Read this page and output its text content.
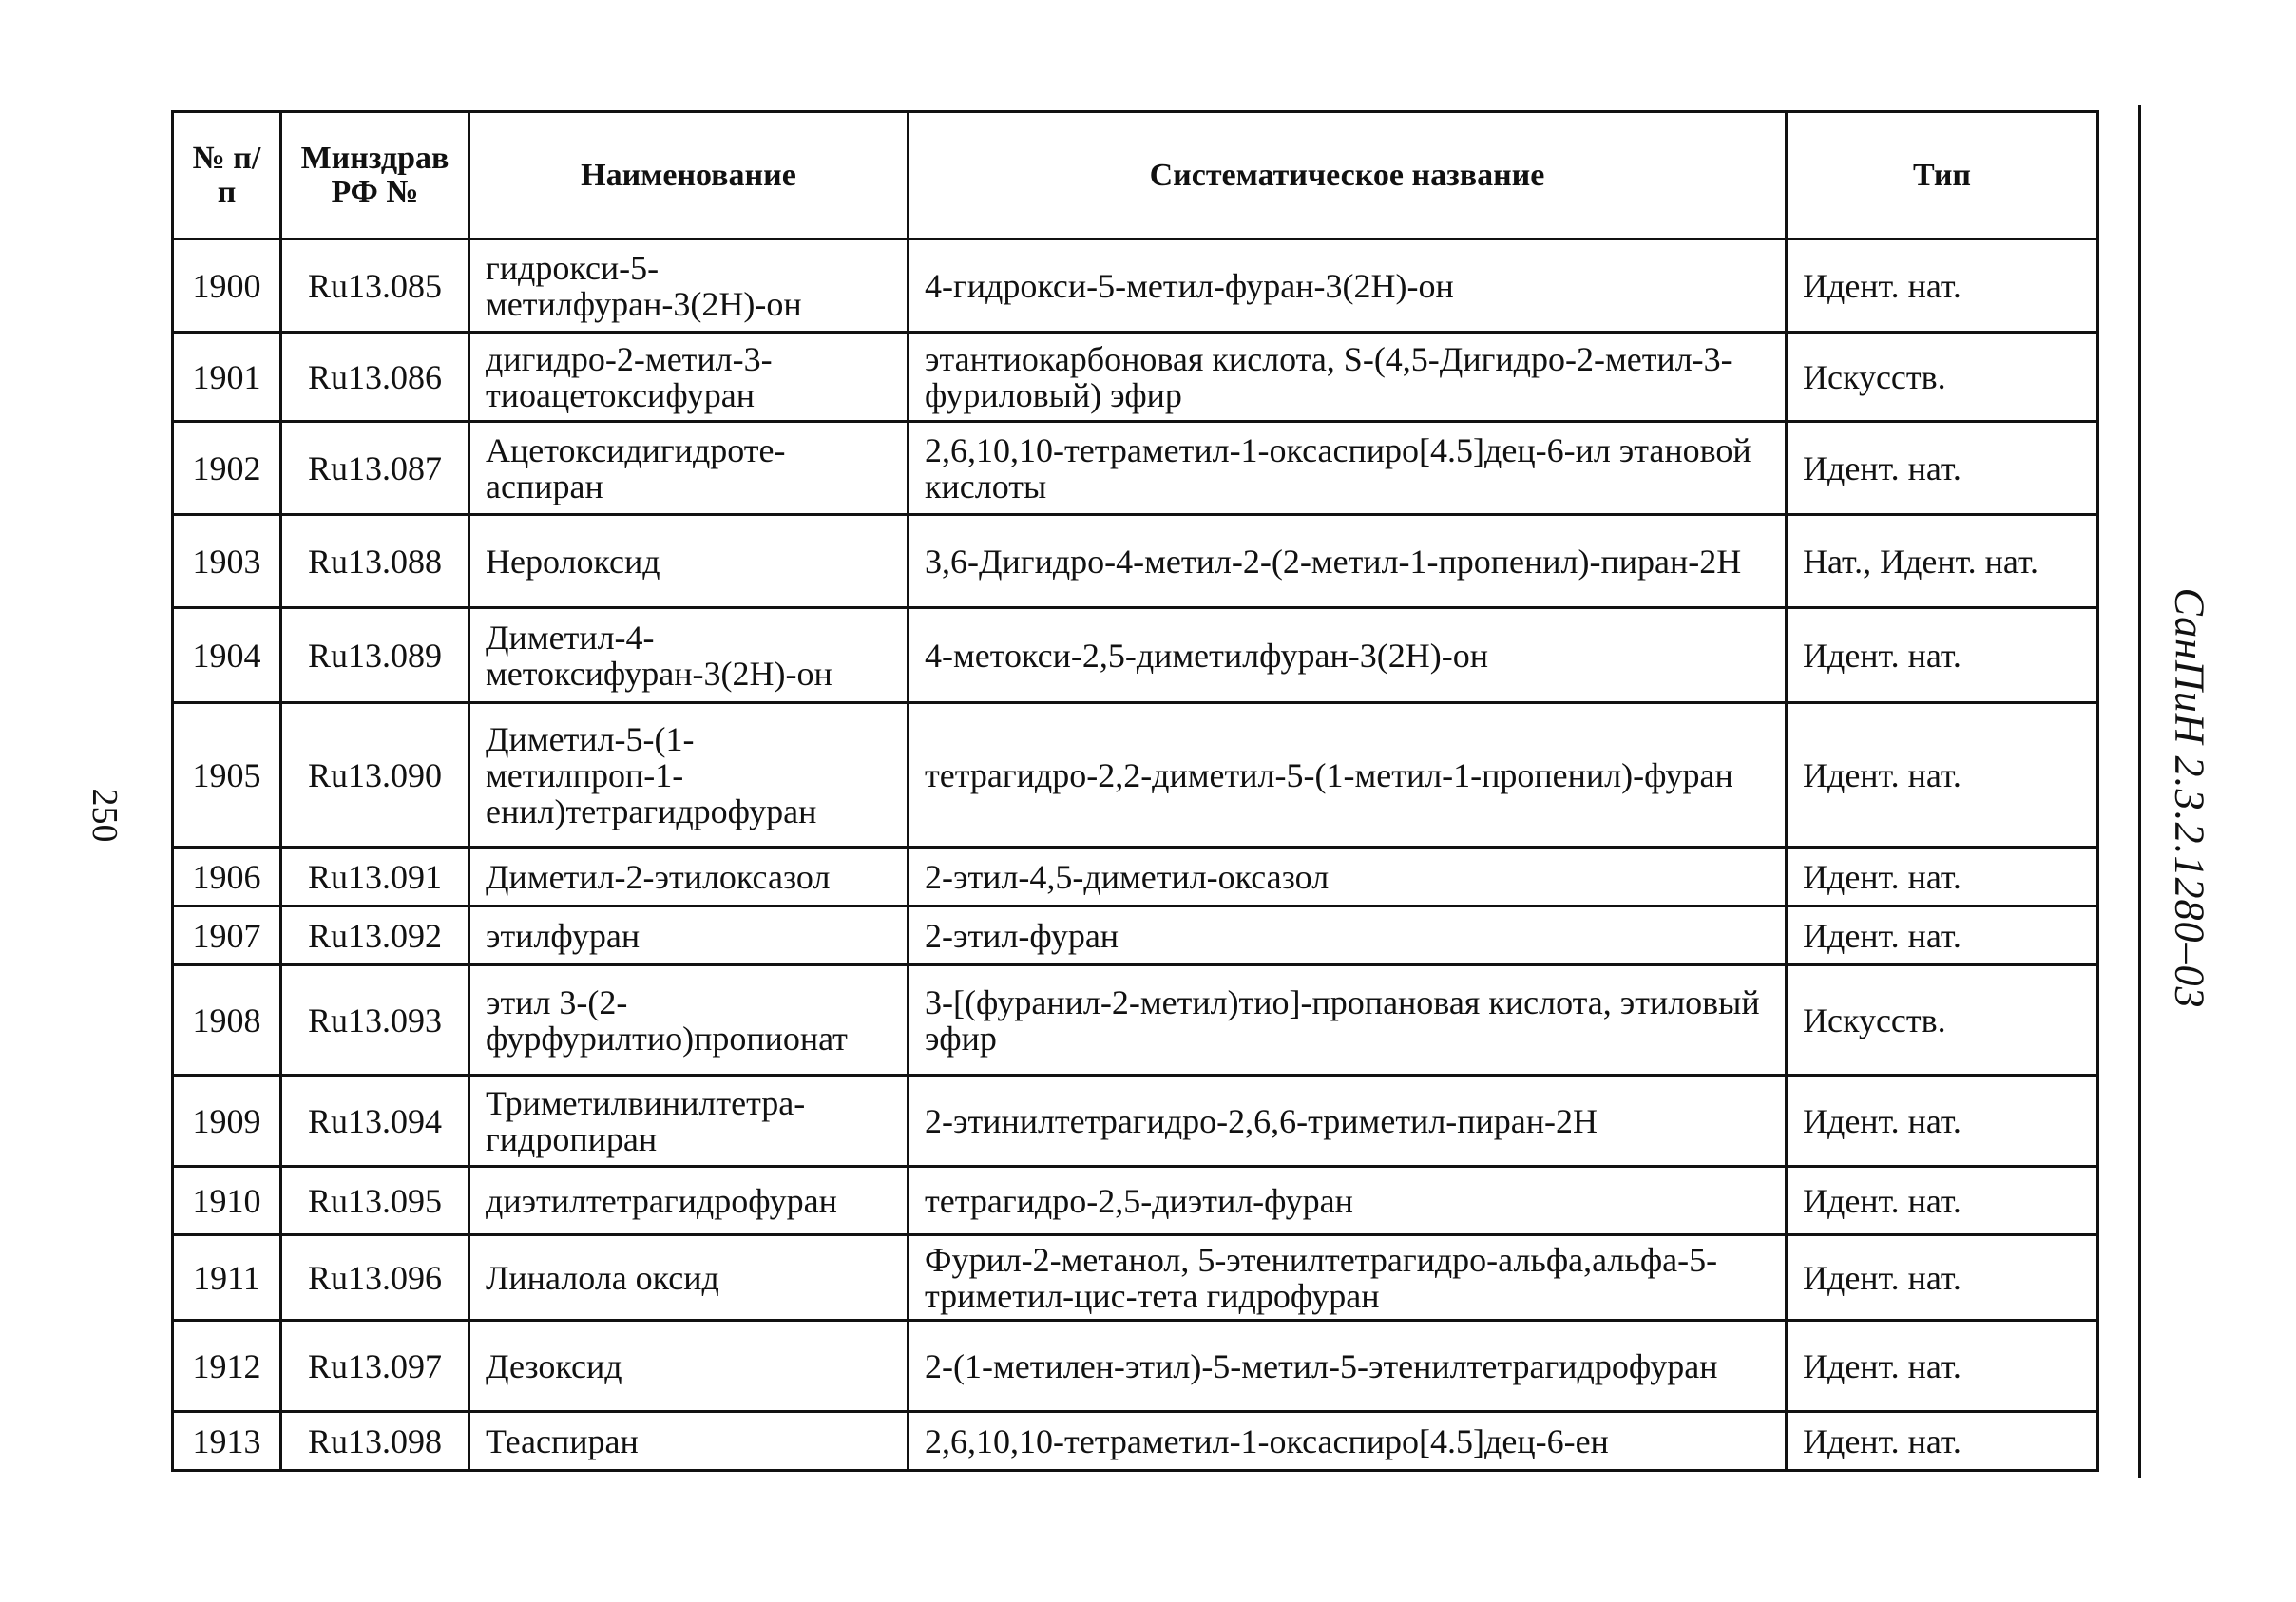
250
№ п/п	Минздрав РФ №	Наименование	Систематическое название	Тип
1900	Ru13.085	гидрокси-5-метилфуран-3(2Н)-он	4-гидрокси-5-метил-фуран-3(2Н)-он	Идент. нат.
1901	Ru13.086	дигидро-2-метил-3-тиоацетоксифуран	этантиокарбоновая кислота, S-(4,5-Дигидро-2-метил-3-фуриловый) эфир	Искусств.
1902	Ru13.087	Ацетоксидигидроте-аспиран	2,6,10,10-тетраметил-1-оксаспиро[4.5]дец-6-ил этановой кислоты	Идент. нат.
1903	Ru13.088	Неролоксид	3,6-Дигидро-4-метил-2-(2-метил-1-пропенил)-пиран-2Н	Нат., Идент. нат.
1904	Ru13.089	Диметил-4-метоксифуран-3(2Н)-он	4-метокси-2,5-диметилфуран-3(2Н)-он	Идент. нат.
1905	Ru13.090	Диметил-5-(1-метилпроп-1-енил)тетрагидрофуран	тетрагидро-2,2-диметил-5-(1-метил-1-пропенил)-фуран	Идент. нат.
1906	Ru13.091	Диметил-2-этилоксазол	2-этил-4,5-диметил-оксазол	Идент. нат.
1907	Ru13.092	этилфуран	2-этил-фуран	Идент. нат.
1908	Ru13.093	этил 3-(2-фурфурилтио)пропионат	3-[(фуранил-2-метил)тио]-пропановая кислота, этиловый эфир	Искусств.
1909	Ru13.094	Триметилвинилтетра-гидропиран	2-этинилтетрагидро-2,6,6-триметил-пиран-2Н	Идент. нат.
1910	Ru13.095	диэтилтетрагидрофуран	тетрагидро-2,5-диэтил-фуран	Идент. нат.
1911	Ru13.096	Линалола оксид	Фурил-2-метанол, 5-этенилтетрагидро-альфа,альфа-5-триметил-цис-тета гидрофуран	Идент. нат.
1912	Ru13.097	Дезоксид	2-(1-метилен-этил)-5-метил-5-этенилтетрагидрофуран	Идент. нат.
1913	Ru13.098	Теаспиран	2,6,10,10-тетраметил-1-оксаспиро[4.5]дец-6-ен	Идент. нат.
СанПиН 2.3.2.1280–03
